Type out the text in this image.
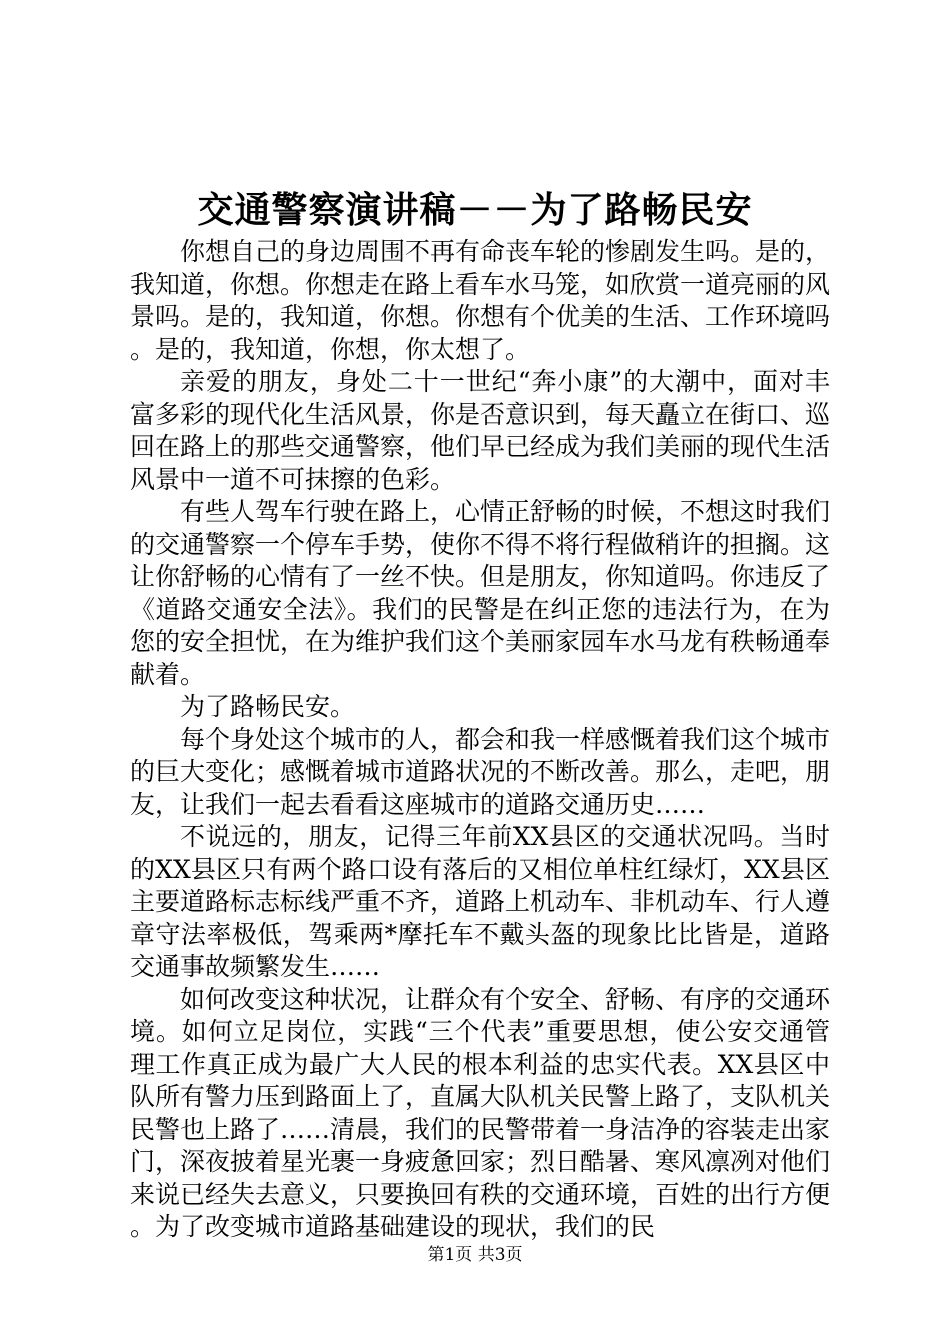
交通警察演讲稿－－为了路畅民安

你想自己的身边周围不再有命丧车轮的惨剧发生吗。是的，我知道，你想。你想走在路上看车水马笼，如欣赏一道亮丽的风景吗。是的，我知道，你想。你想有个优美的生活、工作环境吗。是的，我知道，你想，你太想了。

亲爱的朋友，身处二十一世纪“奔小康”的大潮中，面对丰富多彩的现代化生活风景，你是否意识到，每天矗立在街口、巡回在路上的那些交通警察，他们早已经成为我们美丽的现代生活风景中一道不可抹擦的色彩。

有些人驾车行驶在路上，心情正舒畅的时候，不想这时我们的交通警察一个停车手势，使你不得不将行程做稍许的担搁。这让你舒畅的心情有了一丝不快。但是朋友，你知道吗。你违反了《道路交通安全法》。我们的民警是在纠正您的违法行为，在为您的安全担忧，在为维护我们这个美丽家园车水马龙有秩畅通奉献着。

为了路畅民安。

每个身处这个城市的人，都会和我一样感慨着我们这个城市的巨大变化；感慨着城市道路状况的不断改善。那么，走吧，朋友，让我们一起去看看这座城市的道路交通历史……

不说远的，朋友，记得三年前XX县区的交通状况吗。当时的XX县区只有两个路口设有落后的又相位单柱红绿灯，XX县区主要道路标志标线严重不齐，道路上机动车、非机动车、行人遵章守法率极低，驾乘两*摩托车不戴头盔的现象比比皆是，道路交通事故频繁发生……

如何改变这种状况，让群众有个安全、舒畅、有序的交通环境。如何立足岗位，实践“三个代表”重要思想，使公安交通管理工作真正成为最广大人民的根本利益的忠实代表。XX县区中队所有警力压到路面上了，直属大队机关民警上路了，支队机关民警也上路了……清晨，我们的民警带着一身洁净的容装走出家门，深夜披着星光裹一身疲惫回家；烈日酷暑、寒风凛冽对他们来说已经失去意义，只要换回有秩的交通环境，百姓的出行方便。为了改变城市道路基础建设的现状，我们的民

第1页 共3页
